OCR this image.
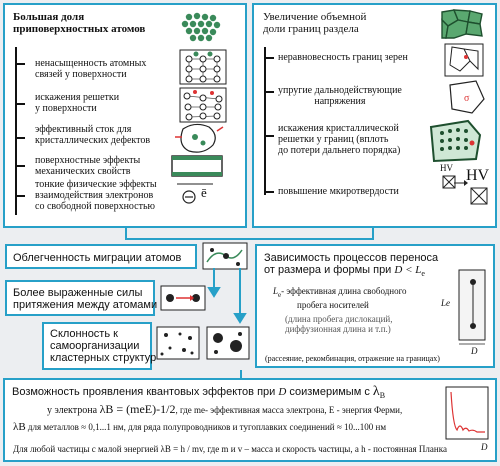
Большая доля
приповерхностных атомов
ненасыщенность атомных
связей у поверхности
искажения решетки
у поверхности
эффективный сток для
кристаллических дефектов
поверхностные эффекты
механических свойств
тонкие физические эффекты
взаимодействия электронов
со свободной поверхностью
ē
Увеличение объемной
доли границ раздела
неравновесность границ зерен
упругие дальнодействующие
напряжения
искажения кристаллической
решетки у границ (вплоть
до потери дальнего порядка)
повышение мкиротвердости
σ
HV HV
Облегченность миграции атомов
Более выраженные силы
притяжения между атомами
Склонность к
самоорганизации
кластерных структур
Зависимость процессов переноса
от размера и формы при $D < L_e$
$L_e-$ эффективная длина свободного
пробега носителей
(длина пробега дислокаций,
диффузионная длина и т.п.)
(рассеяние, рекомбинация, отражение на границах)
Le
D
Возможность проявления квантовых эффектов при D соизмеримым с $\lambda_B$
у электрона λB = (meE)-1/2, где me- эффективная масса электрона, E - энергия Ферми,
λB для металлов ≈ 0,1...1 нм, для ряда полупроводников и тугоплавких соединений ≈ 10...100 нм
Для любой частицы с малой энергией λB = h / mv, где m и v – масса и скорость частицы, а h - постоянная Планка	D
